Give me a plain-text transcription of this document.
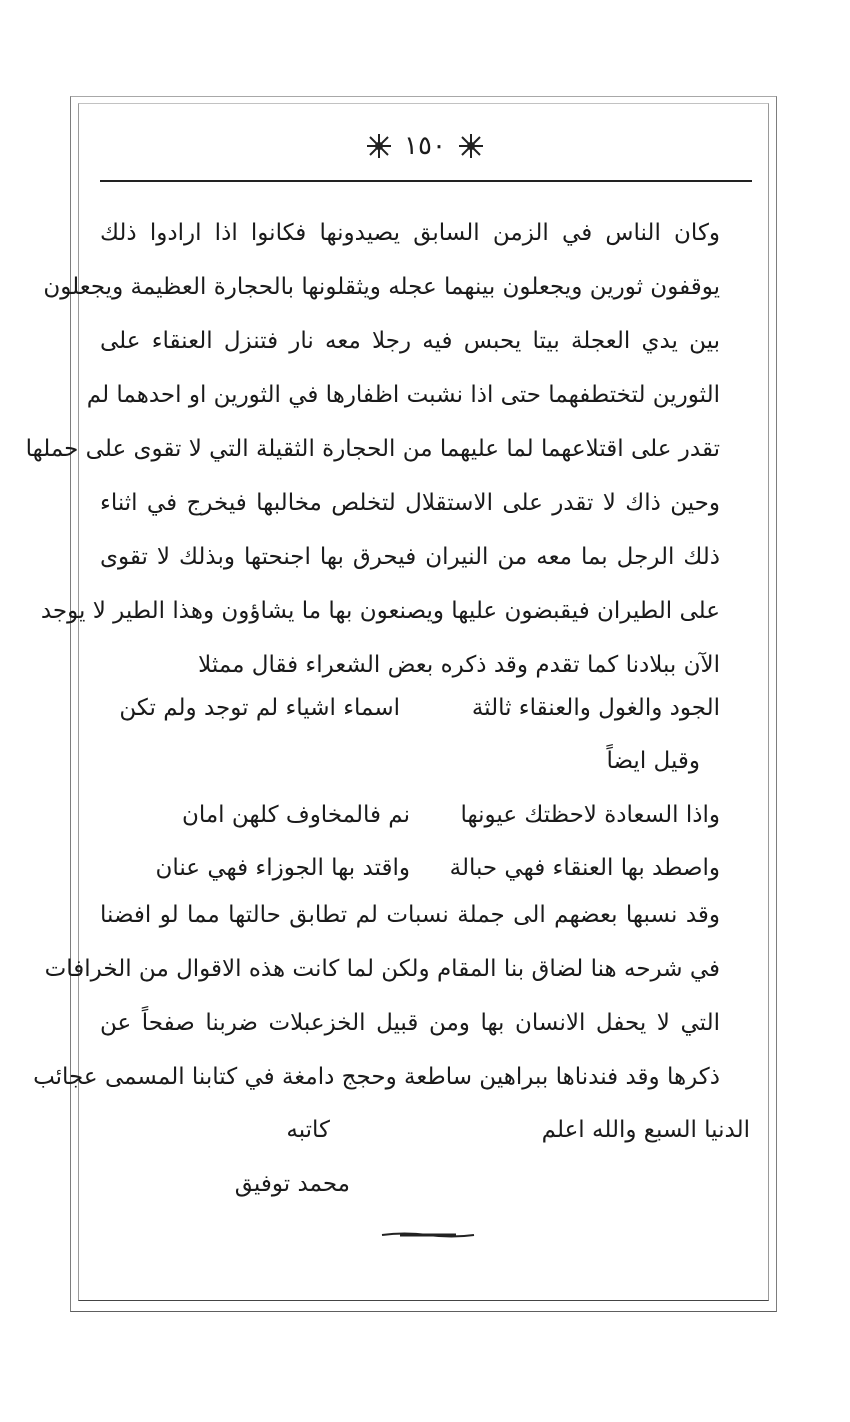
١٥٠
وكان الناس في الزمن السابق يصيدونها فكانوا اذا ارادوا ذلك
يوقفون ثورين ويجعلون بينهما عجله ويثقلونها بالحجارة العظيمة ويجعلون
بين يدي العجلة بيتا يحبس فيه رجلا معه نار فتنزل العنقاء على
الثورين لتختطفهما حتى اذا نشبت اظفارها في الثورين او احدهما لم
تقدر على اقتلاعهما لما عليهما من الحجارة الثقيلة التي لا تقوى على حملها
وحين ذاك لا تقدر على الاستقلال لتخلص مخالبها فيخرج في اثناء
ذلك الرجل بما معه من النيران فيحرق بها اجنحتها وبذلك لا تقوى
على الطيران فيقبضون عليها ويصنعون بها ما يشاؤون وهذا الطير لا يوجد
الآن ببلادنا كما تقدم وقد ذكره بعض الشعراء فقال ممثلا
الجود والغول والعنقاء ثالثة
اسماء اشياء لم توجد ولم تكن
وقيل ايضاً
واذا السعادة لاحظتك عيونها
نم فالمخاوف كلهن امان
واصطد بها العنقاء فهي حبالة
واقتد بها الجوزاء فهي عنان
وقد نسبها بعضهم الى جملة نسبات لم تطابق حالتها مما لو افضنا
في شرحه هنا لضاق بنا المقام ولكن لما كانت هذه الاقوال من الخرافات
التي لا يحفل الانسان بها ومن قبيل الخزعبلات ضربنا صفحاً عن
ذكرها وقد فندناها ببراهين ساطعة وحجج دامغة في كتابنا المسمى عجائب
الدنيا السبع والله اعلم
كاتبه
محمد توفيق
